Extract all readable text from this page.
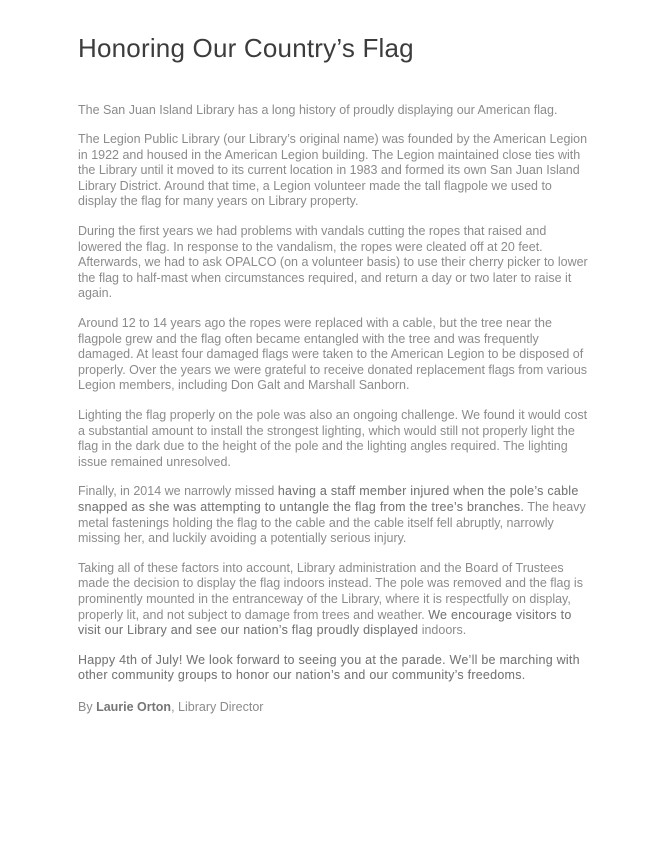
Honoring Our Country’s Flag

The San Juan Island Library has a long history of proudly displaying our American flag.

The Legion Public Library (our Library’s original name) was founded by the American Legion in 1922 and housed in the American Legion building. The Legion maintained close ties with the Library until it moved to its current location in 1983 and formed its own San Juan Island Library District. Around that time, a Legion volunteer made the tall flagpole we used to display the flag for many years on Library property.

During the first years we had problems with vandals cutting the ropes that raised and lowered the flag. In response to the vandalism, the ropes were cleated off at 20 feet. Afterwards, we had to ask OPALCO (on a volunteer basis) to use their cherry picker to lower the flag to half-mast when circumstances required, and return a day or two later to raise it again.

Around 12 to 14 years ago the ropes were replaced with a cable, but the tree near the flagpole grew and the flag often became entangled with the tree and was frequently damaged. At least four damaged flags were taken to the American Legion to be disposed of properly. Over the years we were grateful to receive donated replacement flags from various Legion members, including Don Galt and Marshall Sanborn.

Lighting the flag properly on the pole was also an ongoing challenge. We found it would cost a substantial amount to install the strongest lighting, which would still not properly light the flag in the dark due to the height of the pole and the lighting angles required. The lighting issue remained unresolved.

Finally, in 2014 we narrowly missed having a staff member injured when the pole’s cable snapped as she was attempting to untangle the flag from the tree’s branches. The heavy metal fastenings holding the flag to the cable and the cable itself fell abruptly, narrowly missing her, and luckily avoiding a potentially serious injury.

Taking all of these factors into account, Library administration and the Board of Trustees made the decision to display the flag indoors instead. The pole was removed and the flag is prominently mounted in the entranceway of the Library, where it is respectfully on display, properly lit, and not subject to damage from trees and weather. We encourage visitors to visit our Library and see our nation’s flag proudly displayed indoors.

Happy 4th of July! We look forward to seeing you at the parade. We’ll be marching with other community groups to honor our nation’s and our community’s freedoms.

By Laurie Orton, Library Director
